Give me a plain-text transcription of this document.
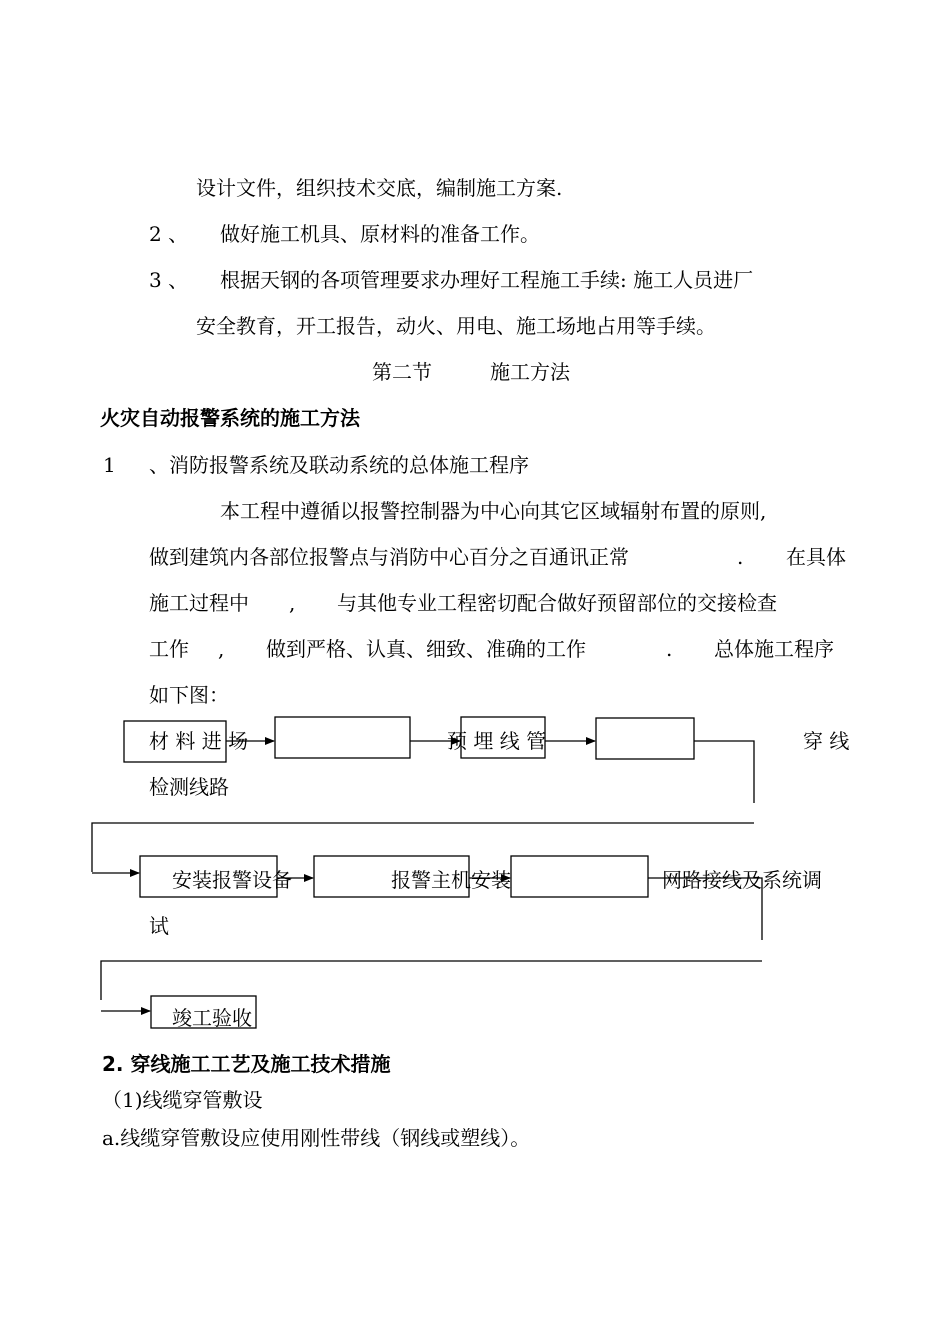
设计文件，组织技术交底，编制施工方案.
2 、 做好施工机具、原材料的准备工作。
3 、 根据天钢的各项管理要求办理好工程施工手续: 施工人员进厂
安全教育，开工报告，动火、用电、施工场地占用等手续。
第二节	施工方法
火灾自动报警系统的施工方法
1 、消防报警系统及联动系统的总体施工程序
本工程中遵循以报警控制器为中心向其它区域辐射布置的原则,
做到建筑内各部位报警点与消防中心百分之百通讯正常	. 在具体
施工过程中 , 与其他专业工程密切配合做好预留部位的交接检查
工作 , 做到严格、认真、细致、准确的工作	. 总体施工程序
如下图：
材 料 进 场	预 埋 线 管	穿 线
检测线路
安装报警设备	报警主机安装	网路接线及系统调
试
竣工验收
2. 穿线施工工艺及施工技术措施
（1)线缆穿管敷设
a.线缆穿管敷设应使用刚性带线（钢线或塑线）。
